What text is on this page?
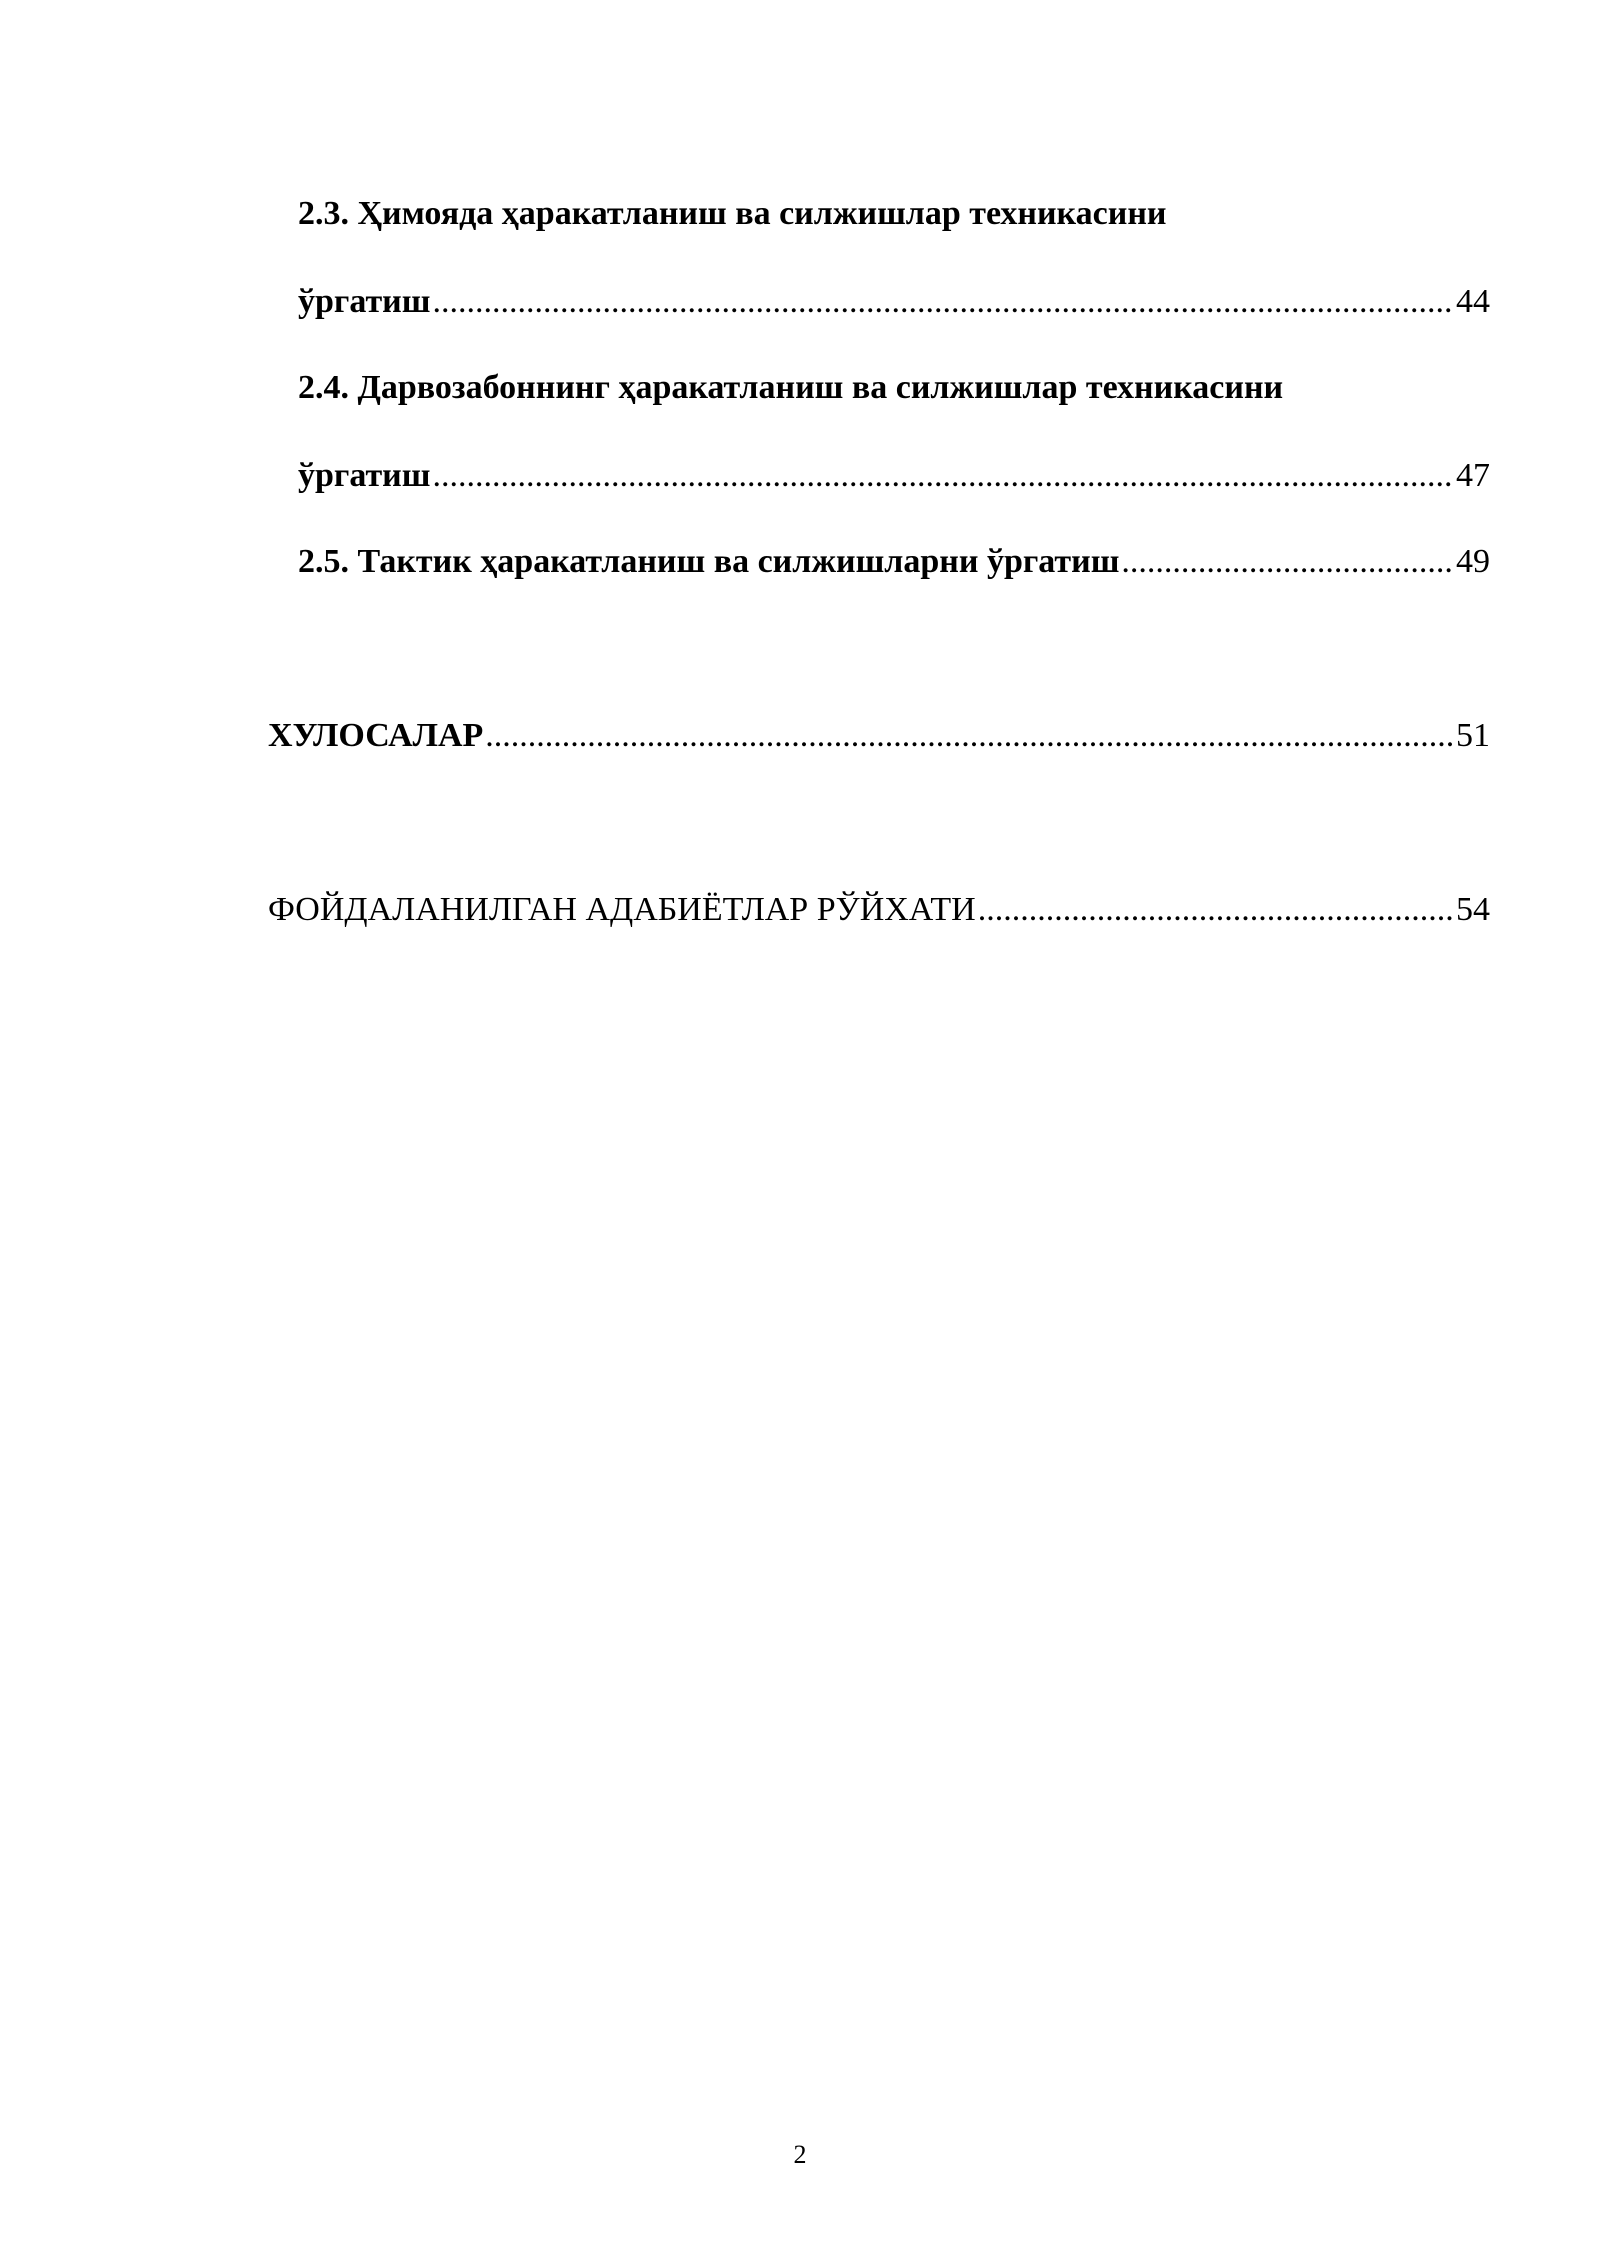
2.3. Ҳимояда ҳаракатланиш ва силжишлар техникасини
ўргатиш .....	44
2.4. Дарвозабоннинг ҳаракатланиш ва силжишлар техникасини
ўргатиш .....	47
2.5. Тактик ҳаракатланиш ва силжишларни ўргатиш .....	49
ХУЛОСАЛАР .....	51
ФОЙДАЛАНИЛГАН АДАБИЁТЛАР РЎЙХАТИ .....	54
2
